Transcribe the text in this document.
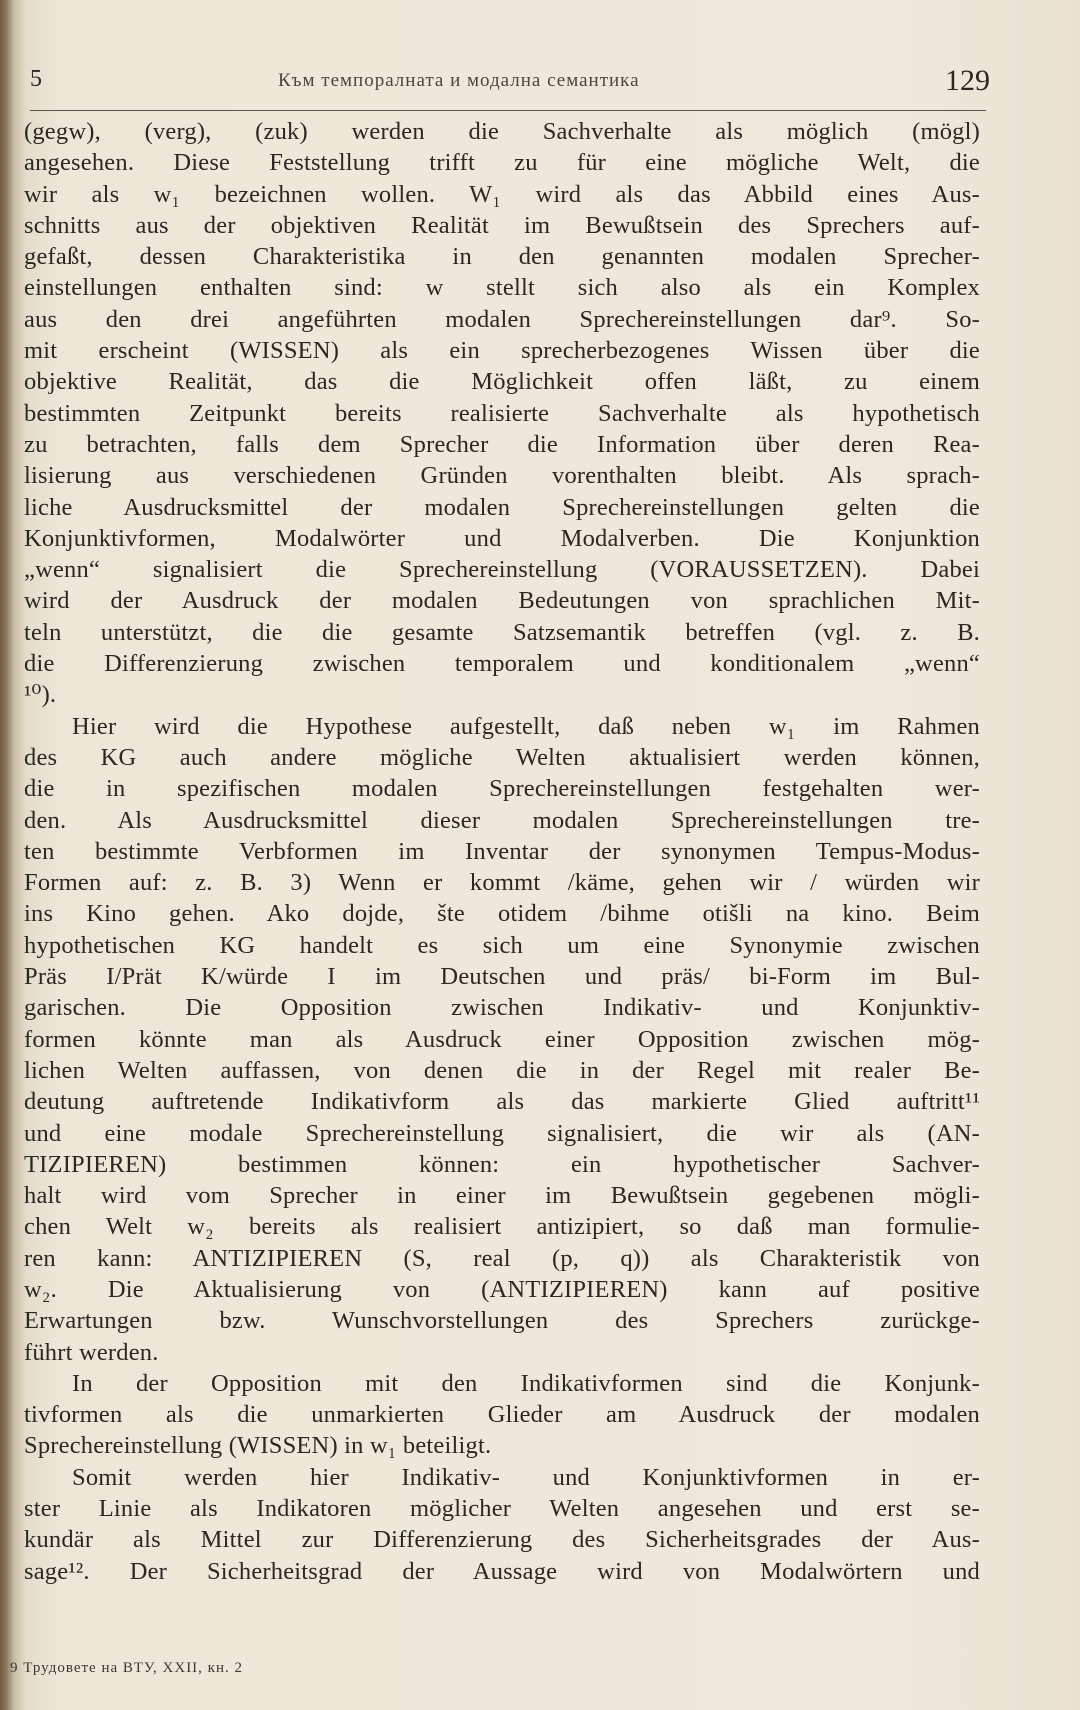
5	Към темпоралната и модална семантика	129
(gegw), (verg), (zuk) werden die Sachverhalte als möglich (mögl)
angesehen. Diese Feststellung trifft zu für eine mögliche Welt, die
wir als w₁ bezeichnen wollen. W₁ wird als das Abbild eines Aus-
schnitts aus der objektiven Realität im Bewußtsein des Sprechers auf-
gefaßt, dessen Charakteristika in den genannten modalen Sprecher-
einstellungen enthalten sind: w stellt sich also als ein Komplex
aus den drei angeführten modalen Sprechereinstellungen dar⁹. So-
mit erscheint (WISSEN) als ein sprecherbezogenes Wissen über die
objektive Realität, das die Möglichkeit offen läßt, zu einem
bestimmten Zeitpunkt bereits realisierte Sachverhalte als hypothetisch
zu betrachten, falls dem Sprecher die Information über deren Rea-
lisierung aus verschiedenen Gründen vorenthalten bleibt. Als sprach-
liche Ausdrucksmittel der modalen Sprechereinstellungen gelten die
Konjunktivformen, Modalwörter und Modalverben. Die Konjunktion
„wenn“ signalisiert die Sprechereinstellung (VORAUSSETZEN). Dabei
wird der Ausdruck der modalen Bedeutungen von sprachlichen Mit-
teln unterstützt, die die gesamte Satzsemantik betreffen (vgl. z. B.
die Differenzierung zwischen temporalem und konditionalem „wenn“
¹⁰).
Hier wird die Hypothese aufgestellt, daß neben w₁ im Rahmen
des KG auch andere mögliche Welten aktualisiert werden können,
die in spezifischen modalen Sprechereinstellungen festgehalten wer-
den. Als Ausdrucksmittel dieser modalen Sprechereinstellungen tre-
ten bestimmte Verbformen im Inventar der synonymen Tempus-Modus-
Formen auf: z. B. 3) Wenn er kommt /käme, gehen wir / würden wir
ins Kino gehen. Ako dojde, šte otidem /bihme otišli na kino. Beim
hypothetischen KG handelt es sich um eine Synonymie zwischen
Präs I/Prät K/würde I im Deutschen und präs/ bi-Form im Bul-
garischen. Die Opposition zwischen Indikativ- und Konjunktiv-
formen könnte man als Ausdruck einer Opposition zwischen mög-
lichen Welten auffassen, von denen die in der Regel mit realer Be-
deutung auftretende Indikativform als das markierte Glied auftritt¹¹
und eine modale Sprechereinstellung signalisiert, die wir als (AN-
TIZIPIEREN) bestimmen können: ein hypothetischer Sachver-
halt wird vom Sprecher in einer im Bewußtsein gegebenen mögli-
chen Welt w₂ bereits als realisiert antizipiert, so daß man formulie-
ren kann: ANTIZIPIEREN (S, real (p, q)) als Charakteristik von
w₂. Die Aktualisierung von (ANTIZIPIEREN) kann auf positive
Erwartungen bzw. Wunschvorstellungen des Sprechers zurückge-
führt werden.
In der Opposition mit den Indikativformen sind die Konjunk-
tivformen als die unmarkierten Glieder am Ausdruck der modalen
Sprechereinstellung (WISSEN) in w₁ beteiligt.
Somit werden hier Indikativ- und Konjunktivformen in er-
ster Linie als Indikatoren möglicher Welten angesehen und erst se-
kundär als Mittel zur Differenzierung des Sicherheitsgrades der Aus-
sage¹². Der Sicherheitsgrad der Aussage wird von Modalwörtern und
9 Трудовете на ВТУ, XXII, кн. 2
